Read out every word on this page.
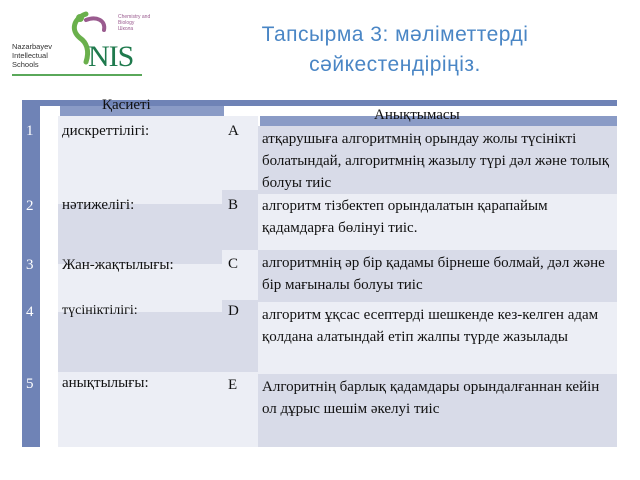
Nazarbayev
Intellectual
Schools	NIS
Chemistry and
Biology
Школа	Тапсырма 3: мәліметтерді сәйкестендіріңіз.
Қасиеті
Анықтымасы
1
2
3
4
5
дискреттілігі:
нәтижелігі:
Жан-жақтылығы:
түсініктілігі:
анықтылығы:
A
B
C
D
E
атқарушыға алгоритмнің орындау жолы түсінікті болатындай, алгоритмнің жазылу түрі дәл және толық болуы тиіс
алгоритм тізбектеп орындалатын қарапайым қадамдарға бөлінуі тиіс.
алгоритмнің әр бір қадамы бірнеше болмай, дәл және бір мағыналы болуы тиіс
алгоритм ұқсас есептерді шешкенде кез-келген адам қолдана алатындай етіп жалпы түрде жазылады
Алгоритнің барлық қадамдары орындалғаннан кейін ол дұрыс шешім әкелуі тиіс
